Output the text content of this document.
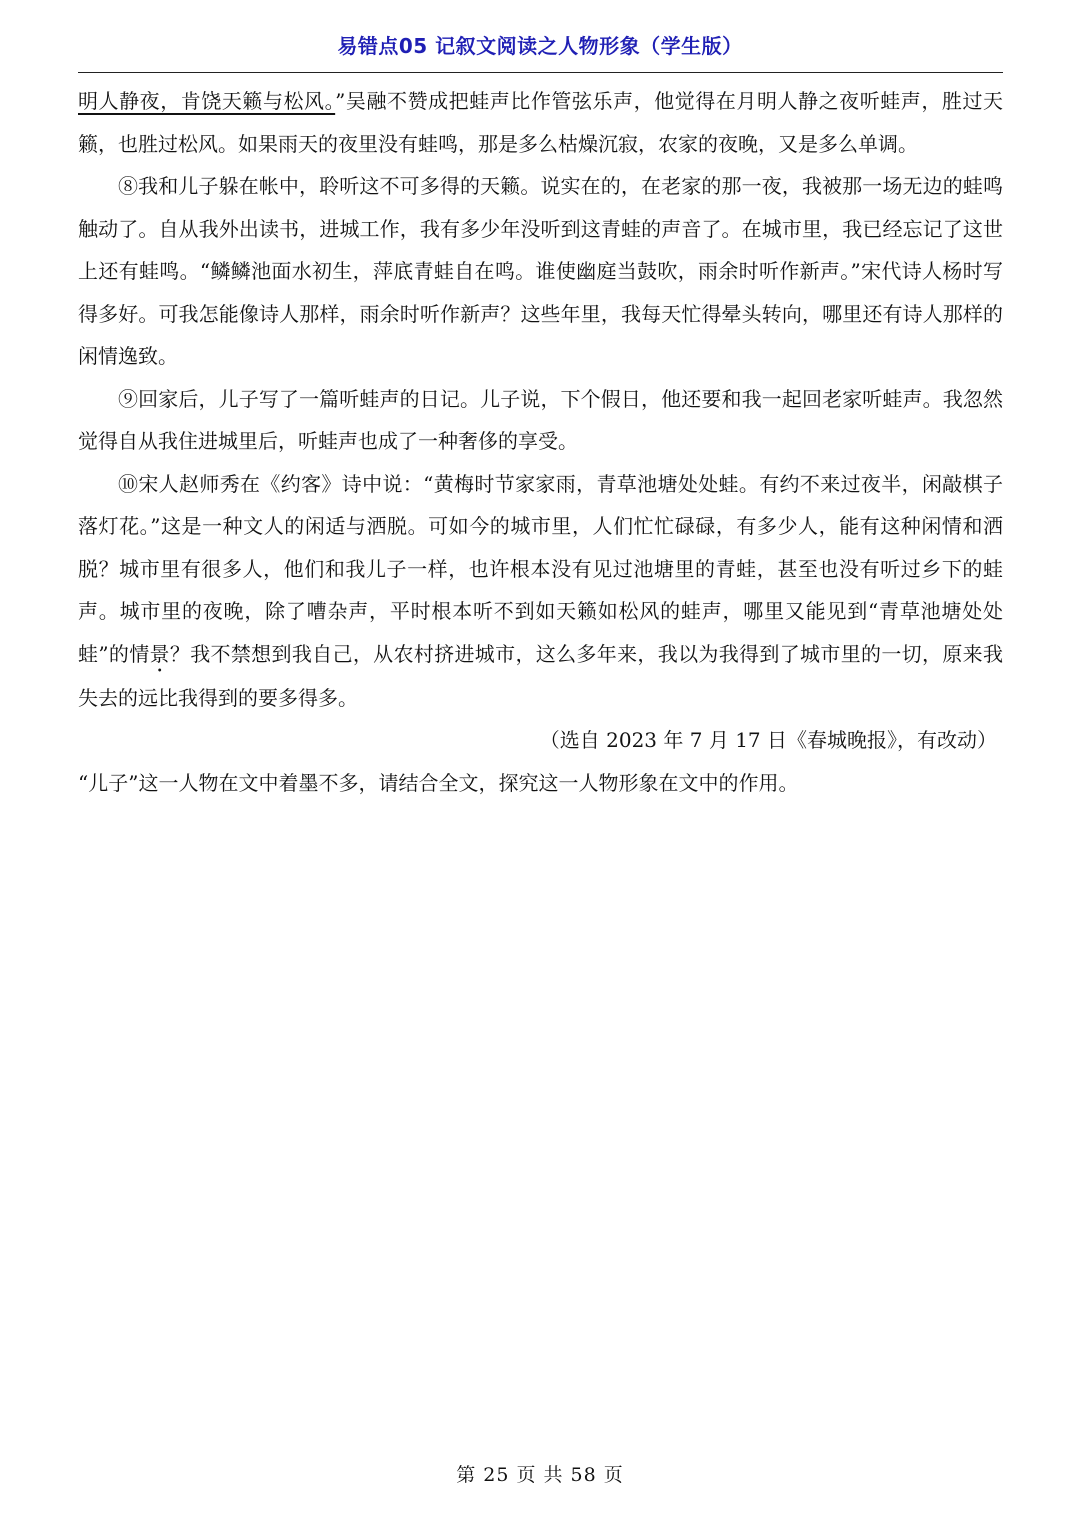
易错点05 记叙文阅读之人物形象（学生版）

明人静夜，肯饶天籁与松风。”吴融不赞成把蛙声比作管弦乐声，他觉得在月明人静之夜听蛙声，胜过天籁，也胜过松风。如果雨天的夜里没有蛙鸣，那是多么枯燥沉寂，农家的夜晚，又是多么单调。

⑧我和儿子躲在帐中，聆听这不可多得的天籁。说实在的，在老家的那一夜，我被那一场无边的蛙鸣触动了。自从我外出读书，进城工作，我有多少年没听到这青蛙的声音了。在城市里，我已经忘记了这世上还有蛙鸣。“鳞鳞池面水初生，萍底青蛙自在鸣。谁使幽庭当鼓吹，雨余时听作新声。”宋代诗人杨时写得多好。可我怎能像诗人那样，雨余时听作新声？这些年里，我每天忙得晕头转向，哪里还有诗人那样的闲情逸致。

⑨回家后，儿子写了一篇听蛙声的日记。儿子说，下个假日，他还要和我一起回老家听蛙声。我忽然觉得自从我住进城里后，听蛙声也成了一种奢侈的享受。

⑩宋人赵师秀在《约客》诗中说：“黄梅时节家家雨，青草池塘处处蛙。有约不来过夜半，闲敲棋子落灯花。”这是一种文人的闲适与洒脱。可如今的城市里，人们忙忙碌碌，有多少人，能有这种闲情和洒脱？城市里有很多人，他们和我儿子一样，也许根本没有见过池塘里的青蛙，甚至也没有听过乡下的蛙声。城市里的夜晚，除了嘈杂声，平时根本听不到如天籁如松风的蛙声，哪里又能见到“青草池塘处处蛙”的情景？我不禁想到我自己，从农村挤进城市，这么多年来，我以为我得到了城市里的一切，原来我失去的远比我得到的要多得多。

（选自 2023 年 7 月 17 日《春城晚报》，有改动）

“儿子”这一人物在文中着墨不多，请结合全文，探究这一人物形象在文中的作用。

第 25 页 共 58 页
